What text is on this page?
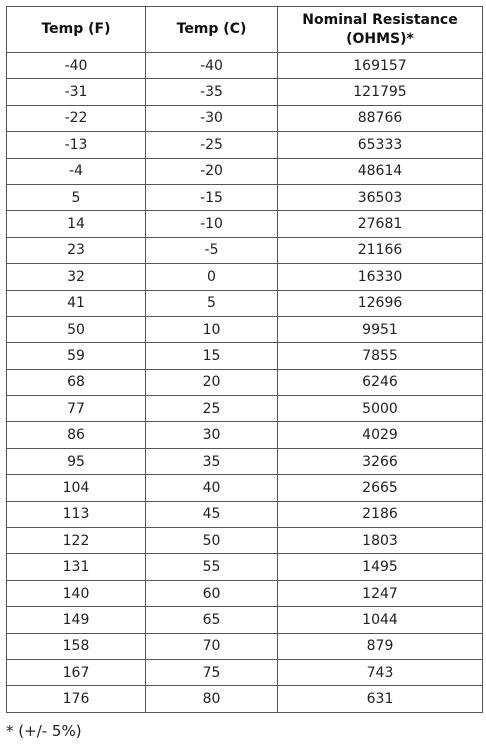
Temp (F)	Temp (C)	Nominal Resistance (OHMS)*
-40	-40	169157
-31	-35	121795
-22	-30	88766
-13	-25	65333
-4	-20	48614
5	-15	36503
14	-10	27681
23	-5	21166
32	0	16330
41	5	12696
50	10	9951
59	15	7855
68	20	6246
77	25	5000
86	30	4029
95	35	3266
104	40	2665
113	45	2186
122	50	1803
131	55	1495
140	60	1247
149	65	1044
158	70	879
167	75	743
176	80	631
* (+/- 5%)
